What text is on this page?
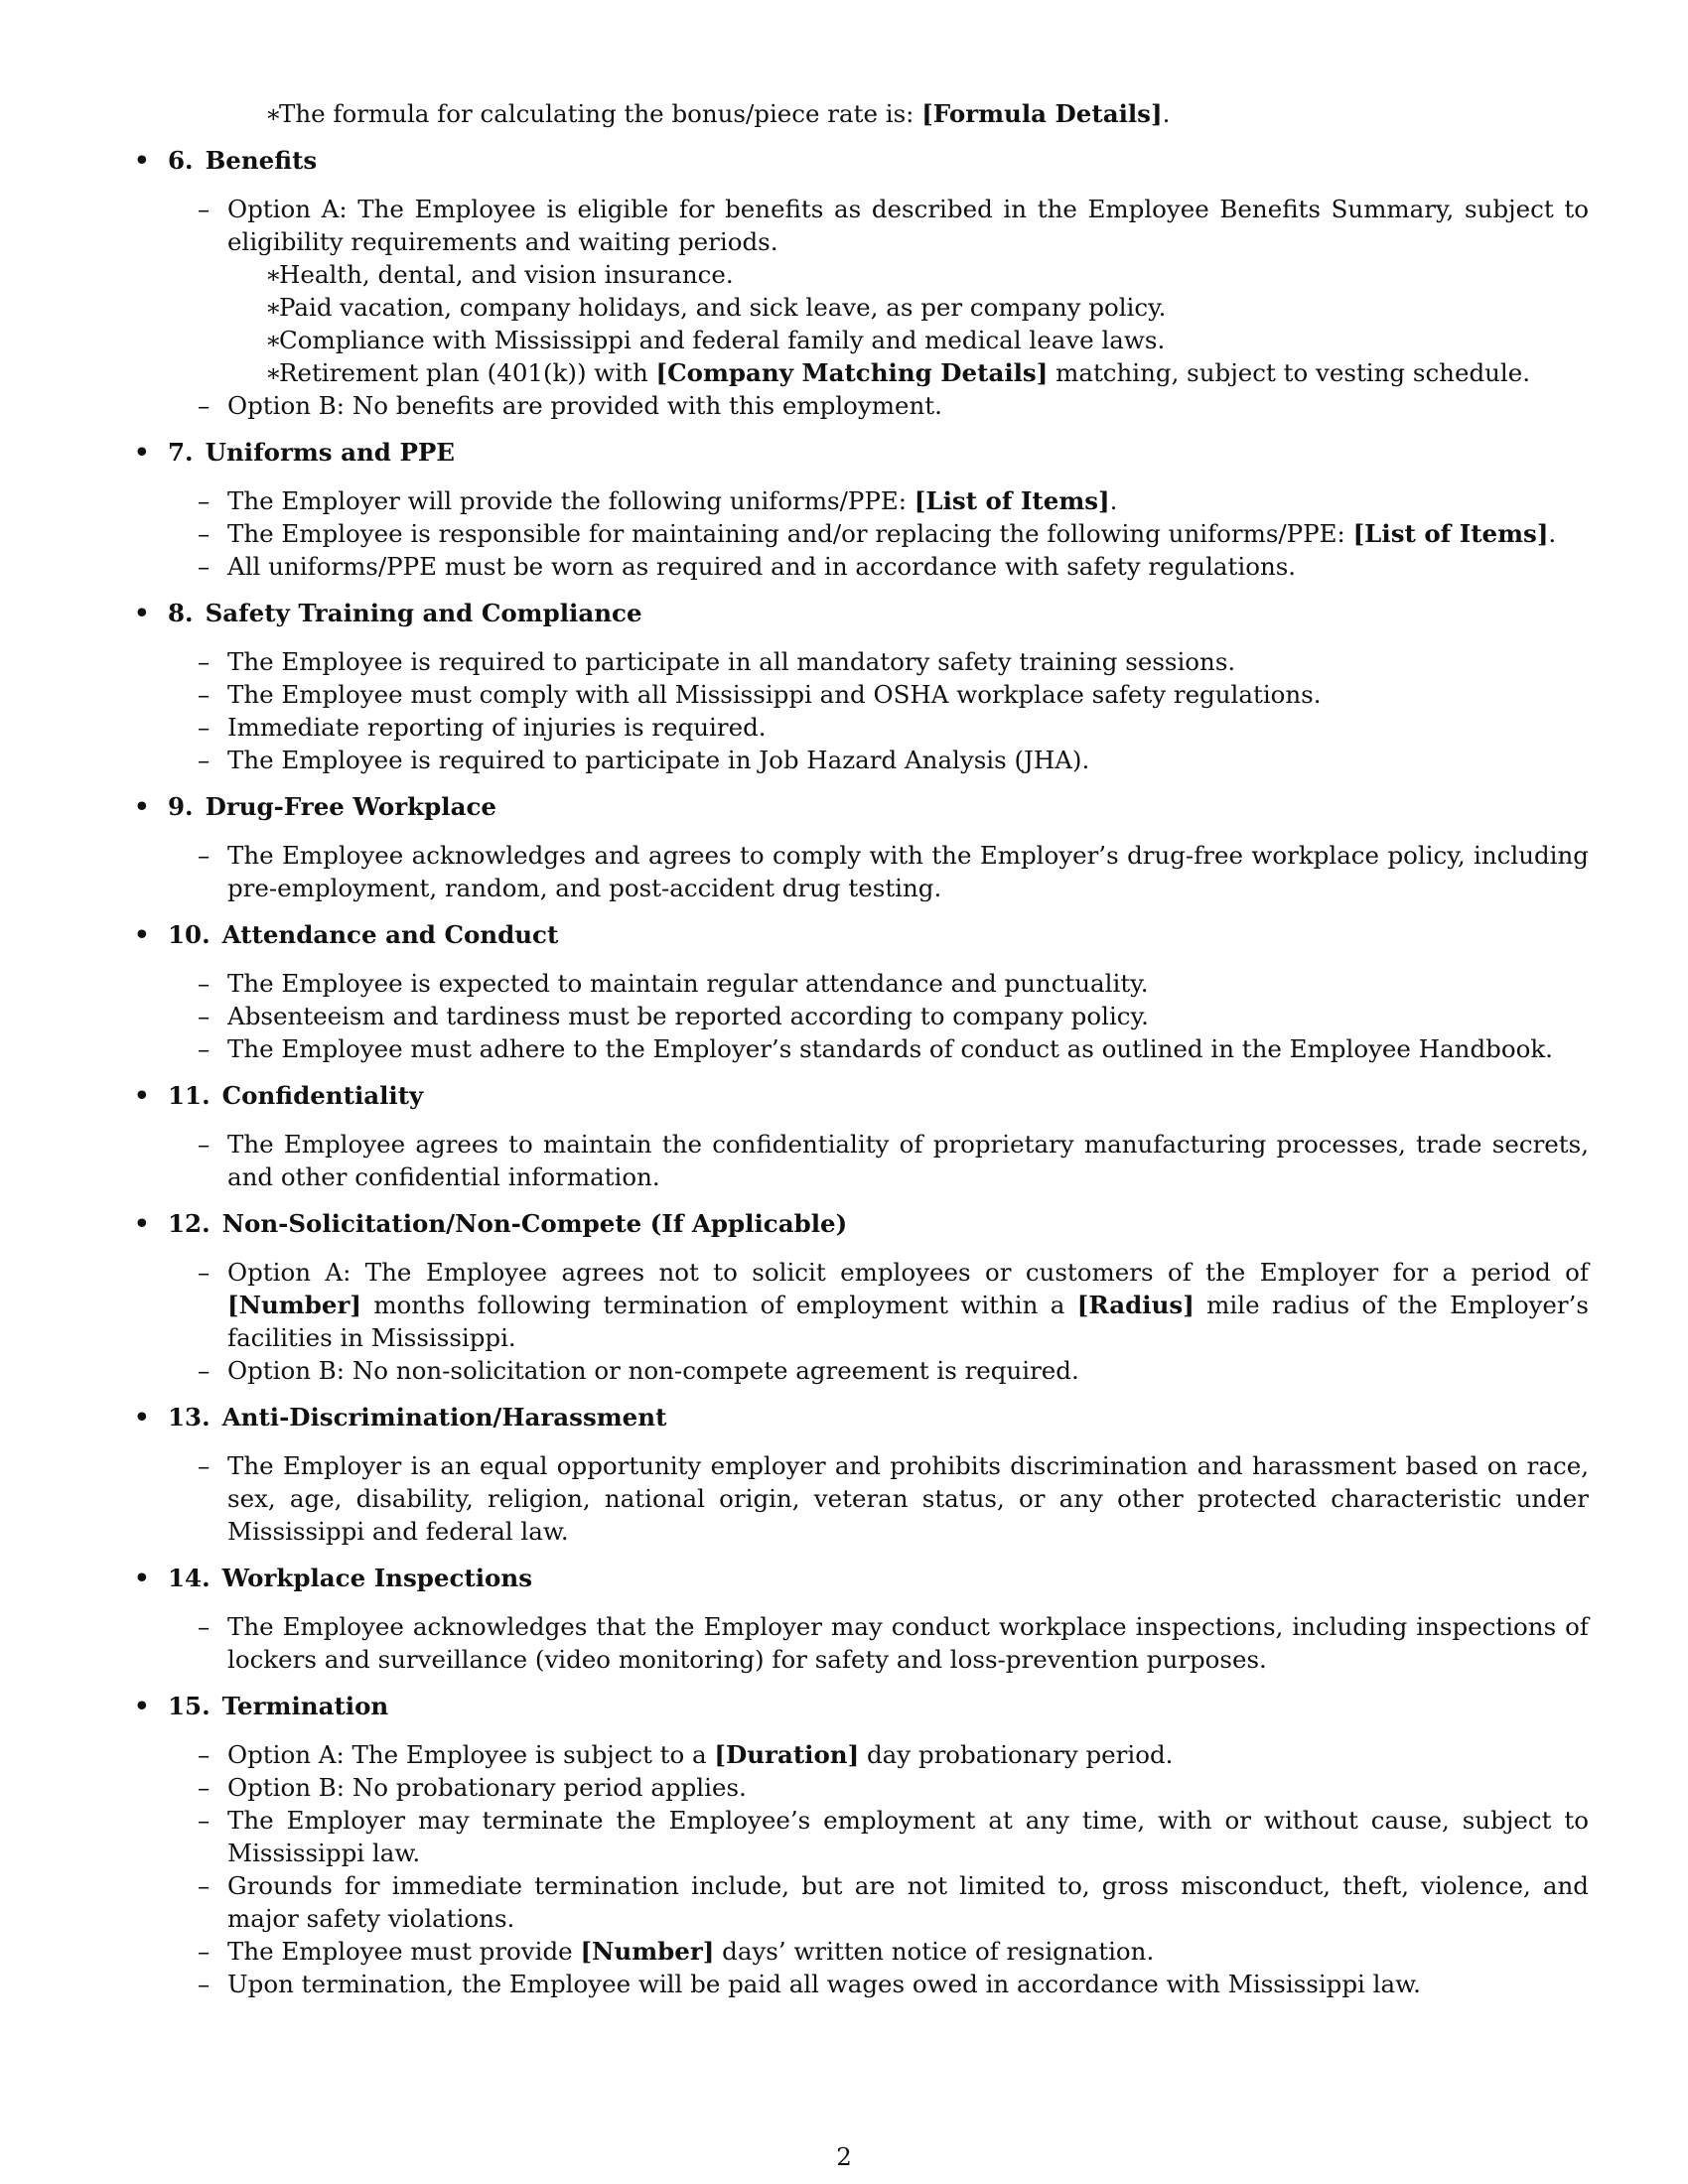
∗
The formula for calculating the bonus/piece rate is: [Formula Details].
• 6. Benefits
– Option A: The Employee is eligible for benefits as described in the Employee Benefits Summary, subject to eligibility requirements and waiting periods.
∗
Health, dental, and vision insurance.
∗
Paid vacation, company holidays, and sick leave, as per company policy.
∗
Compliance with Mississippi and federal family and medical leave laws.
∗
Retirement plan (401(k)) with [Company Matching Details] matching, subject to vesting schedule.
– Option B: No benefits are provided with this employment.
• 7. Uniforms and PPE
– The Employer will provide the following uniforms/PPE: [List of Items].
– The Employee is responsible for maintaining and/or replacing the following uniforms/PPE: [List of Items].
– All uniforms/PPE must be worn as required and in accordance with safety regulations.
• 8. Safety Training and Compliance
– The Employee is required to participate in all mandatory safety training sessions.
– The Employee must comply with all Mississippi and OSHA workplace safety regulations.
– Immediate reporting of injuries is required.
– The Employee is required to participate in Job Hazard Analysis (JHA).
• 9. Drug-Free Workplace
– The Employee acknowledges and agrees to comply with the Employer’s drug-free workplace policy, including pre-employment, random, and post-accident drug testing.
• 10. Attendance and Conduct
– The Employee is expected to maintain regular attendance and punctuality.
– Absenteeism and tardiness must be reported according to company policy.
– The Employee must adhere to the Employer’s standards of conduct as outlined in the Employee Handbook.
• 11. Confidentiality
– The Employee agrees to maintain the confidentiality of proprietary manufacturing processes, trade secrets, and other confidential information.
• 12. Non-Solicitation/Non-Compete (If Applicable)
– Option A: The Employee agrees not to solicit employees or customers of the Employer for a period of [Number] months following termination of employment within a [Radius] mile radius of the Employer’s facilities in Mississippi.
– Option B: No non-solicitation or non-compete agreement is required.
• 13. Anti-Discrimination/Harassment
– The Employer is an equal opportunity employer and prohibits discrimination and harassment based on race, sex, age, disability, religion, national origin, veteran status, or any other protected characteristic under Mississippi and federal law.
• 14. Workplace Inspections
– The Employee acknowledges that the Employer may conduct workplace inspections, including inspections of lockers and surveillance (video monitoring) for safety and loss-prevention purposes.
• 15. Termination
– Option A: The Employee is subject to a [Duration] day probationary period.
– Option B: No probationary period applies.
– The Employer may terminate the Employee’s employment at any time, with or without cause, subject to Mississippi law.
– Grounds for immediate termination include, but are not limited to, gross misconduct, theft, violence, and major safety violations.
– The Employee must provide [Number] days’ written notice of resignation.
– Upon termination, the Employee will be paid all wages owed in accordance with Mississippi law.
2
